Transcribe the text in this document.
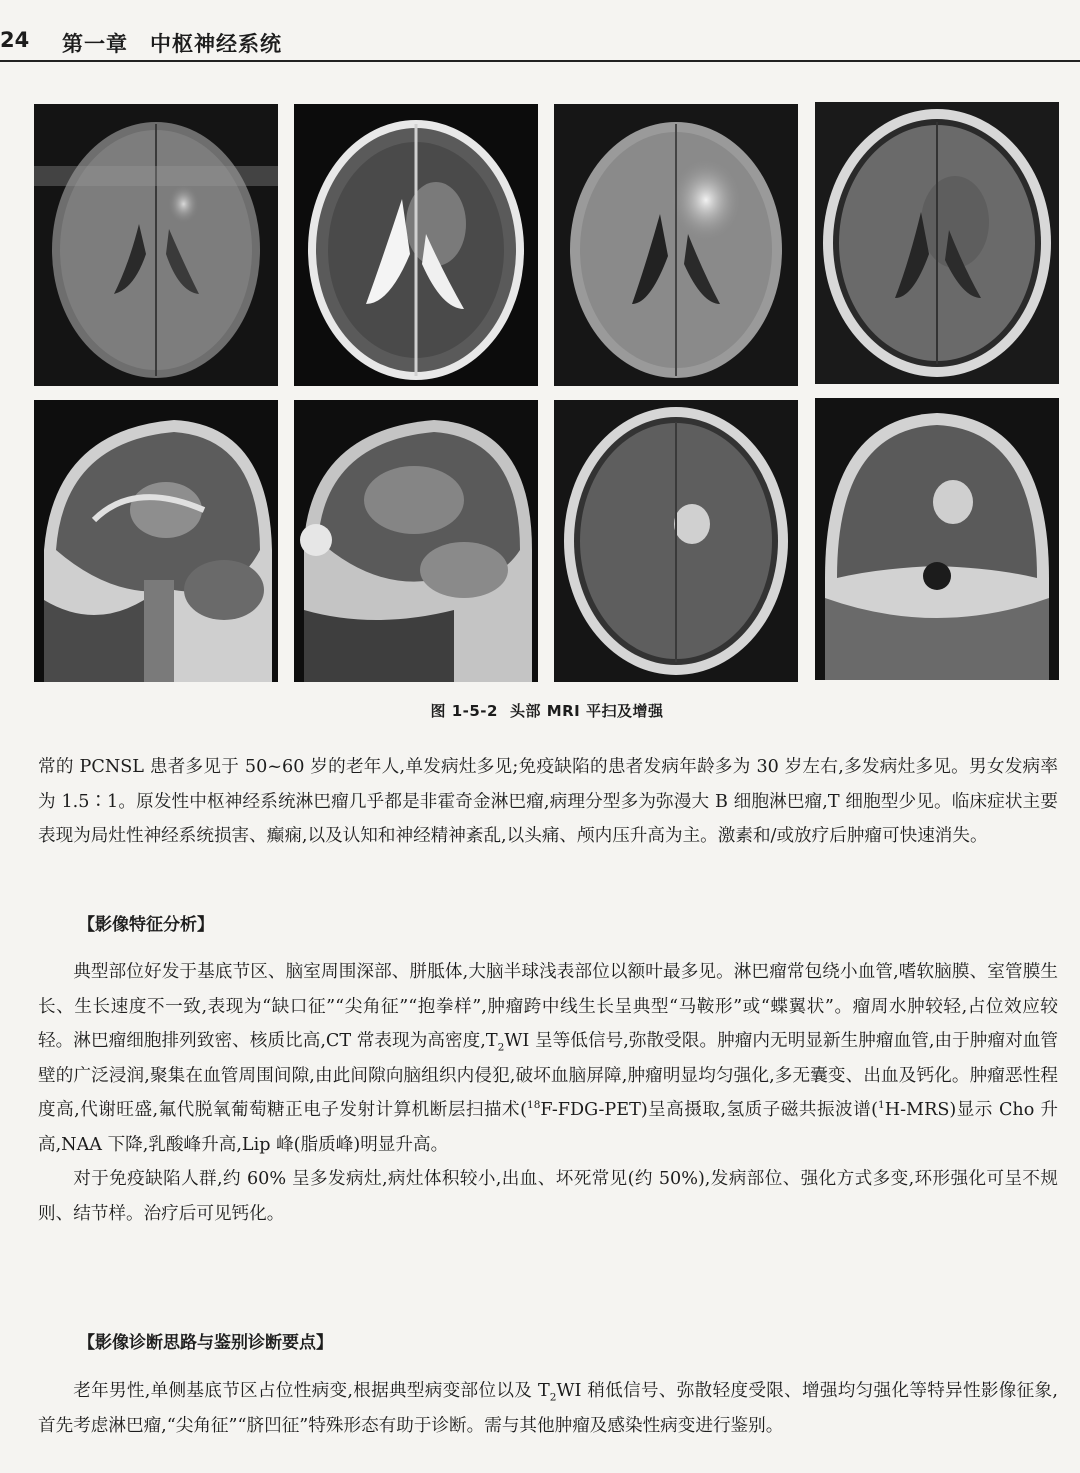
24 第一章 中枢神经系统
图 1-5-2 头部 MRI 平扫及增强

常的 PCNSL 患者多见于 50~60 岁的老年人,单发病灶多见;免疫缺陷的患者发病年龄多为 30 岁左右,多发病灶多见。男女发病率为 1.5∶1。原发性中枢神经系统淋巴瘤几乎都是非霍奇金淋巴瘤,病理分型多为弥漫大 B 细胞淋巴瘤,T 细胞型少见。临床症状主要表现为局灶性神经系统损害、癫痫,以及认知和神经精神紊乱,以头痛、颅内压升高为主。激素和/或放疗后肿瘤可快速消失。

【影像特征分析】

典型部位好发于基底节区、脑室周围深部、胼胝体,大脑半球浅表部位以额叶最多见。淋巴瘤常包绕小血管,嗜软脑膜、室管膜生长、生长速度不一致,表现为“缺口征”“尖角征”“抱拳样”,肿瘤跨中线生长呈典型“马鞍形”或“蝶翼状”。瘤周水肿较轻,占位效应较轻。淋巴瘤细胞排列致密、核质比高,CT 常表现为高密度$,T_2WI$ 呈等低信号,弥散受限。肿瘤内无明显新生肿瘤血管,由于肿瘤对血管壁的广泛浸润,聚集在血管周围间隙,由此间隙向脑组织内侵犯,破坏血脑屏障,肿瘤明显均匀强化,多无囊变、出血及钙化。肿瘤恶性程度高,代谢旺盛,氟代脱氧葡萄糖正电子发射计算机断层扫描术($^{18}$F-FDG-PET)呈高摄取,氢质子磁共振波谱($^1$H-MRS)显示 Cho 升高,NAA 下降,乳酸峰升高,Lip 峰(脂质峰)明显升高。

对于免疫缺陷人群,约 60% 呈多发病灶,病灶体积较小,出血、坏死常见(约 50%),发病部位、强化方式多变,环形强化可呈不规则、结节样。治疗后可见钙化。

【影像诊断思路与鉴别诊断要点】

老年男性,单侧基底节区占位性病变,根据典型病变部位以及 $T_2WI$ 稍低信号、弥散轻度受限、增强均匀强化等特异性影像征象,首先考虑淋巴瘤,“尖角征”“脐凹征”特殊形态有助于诊断。需与其他肿瘤及感染性病变进行鉴别。
